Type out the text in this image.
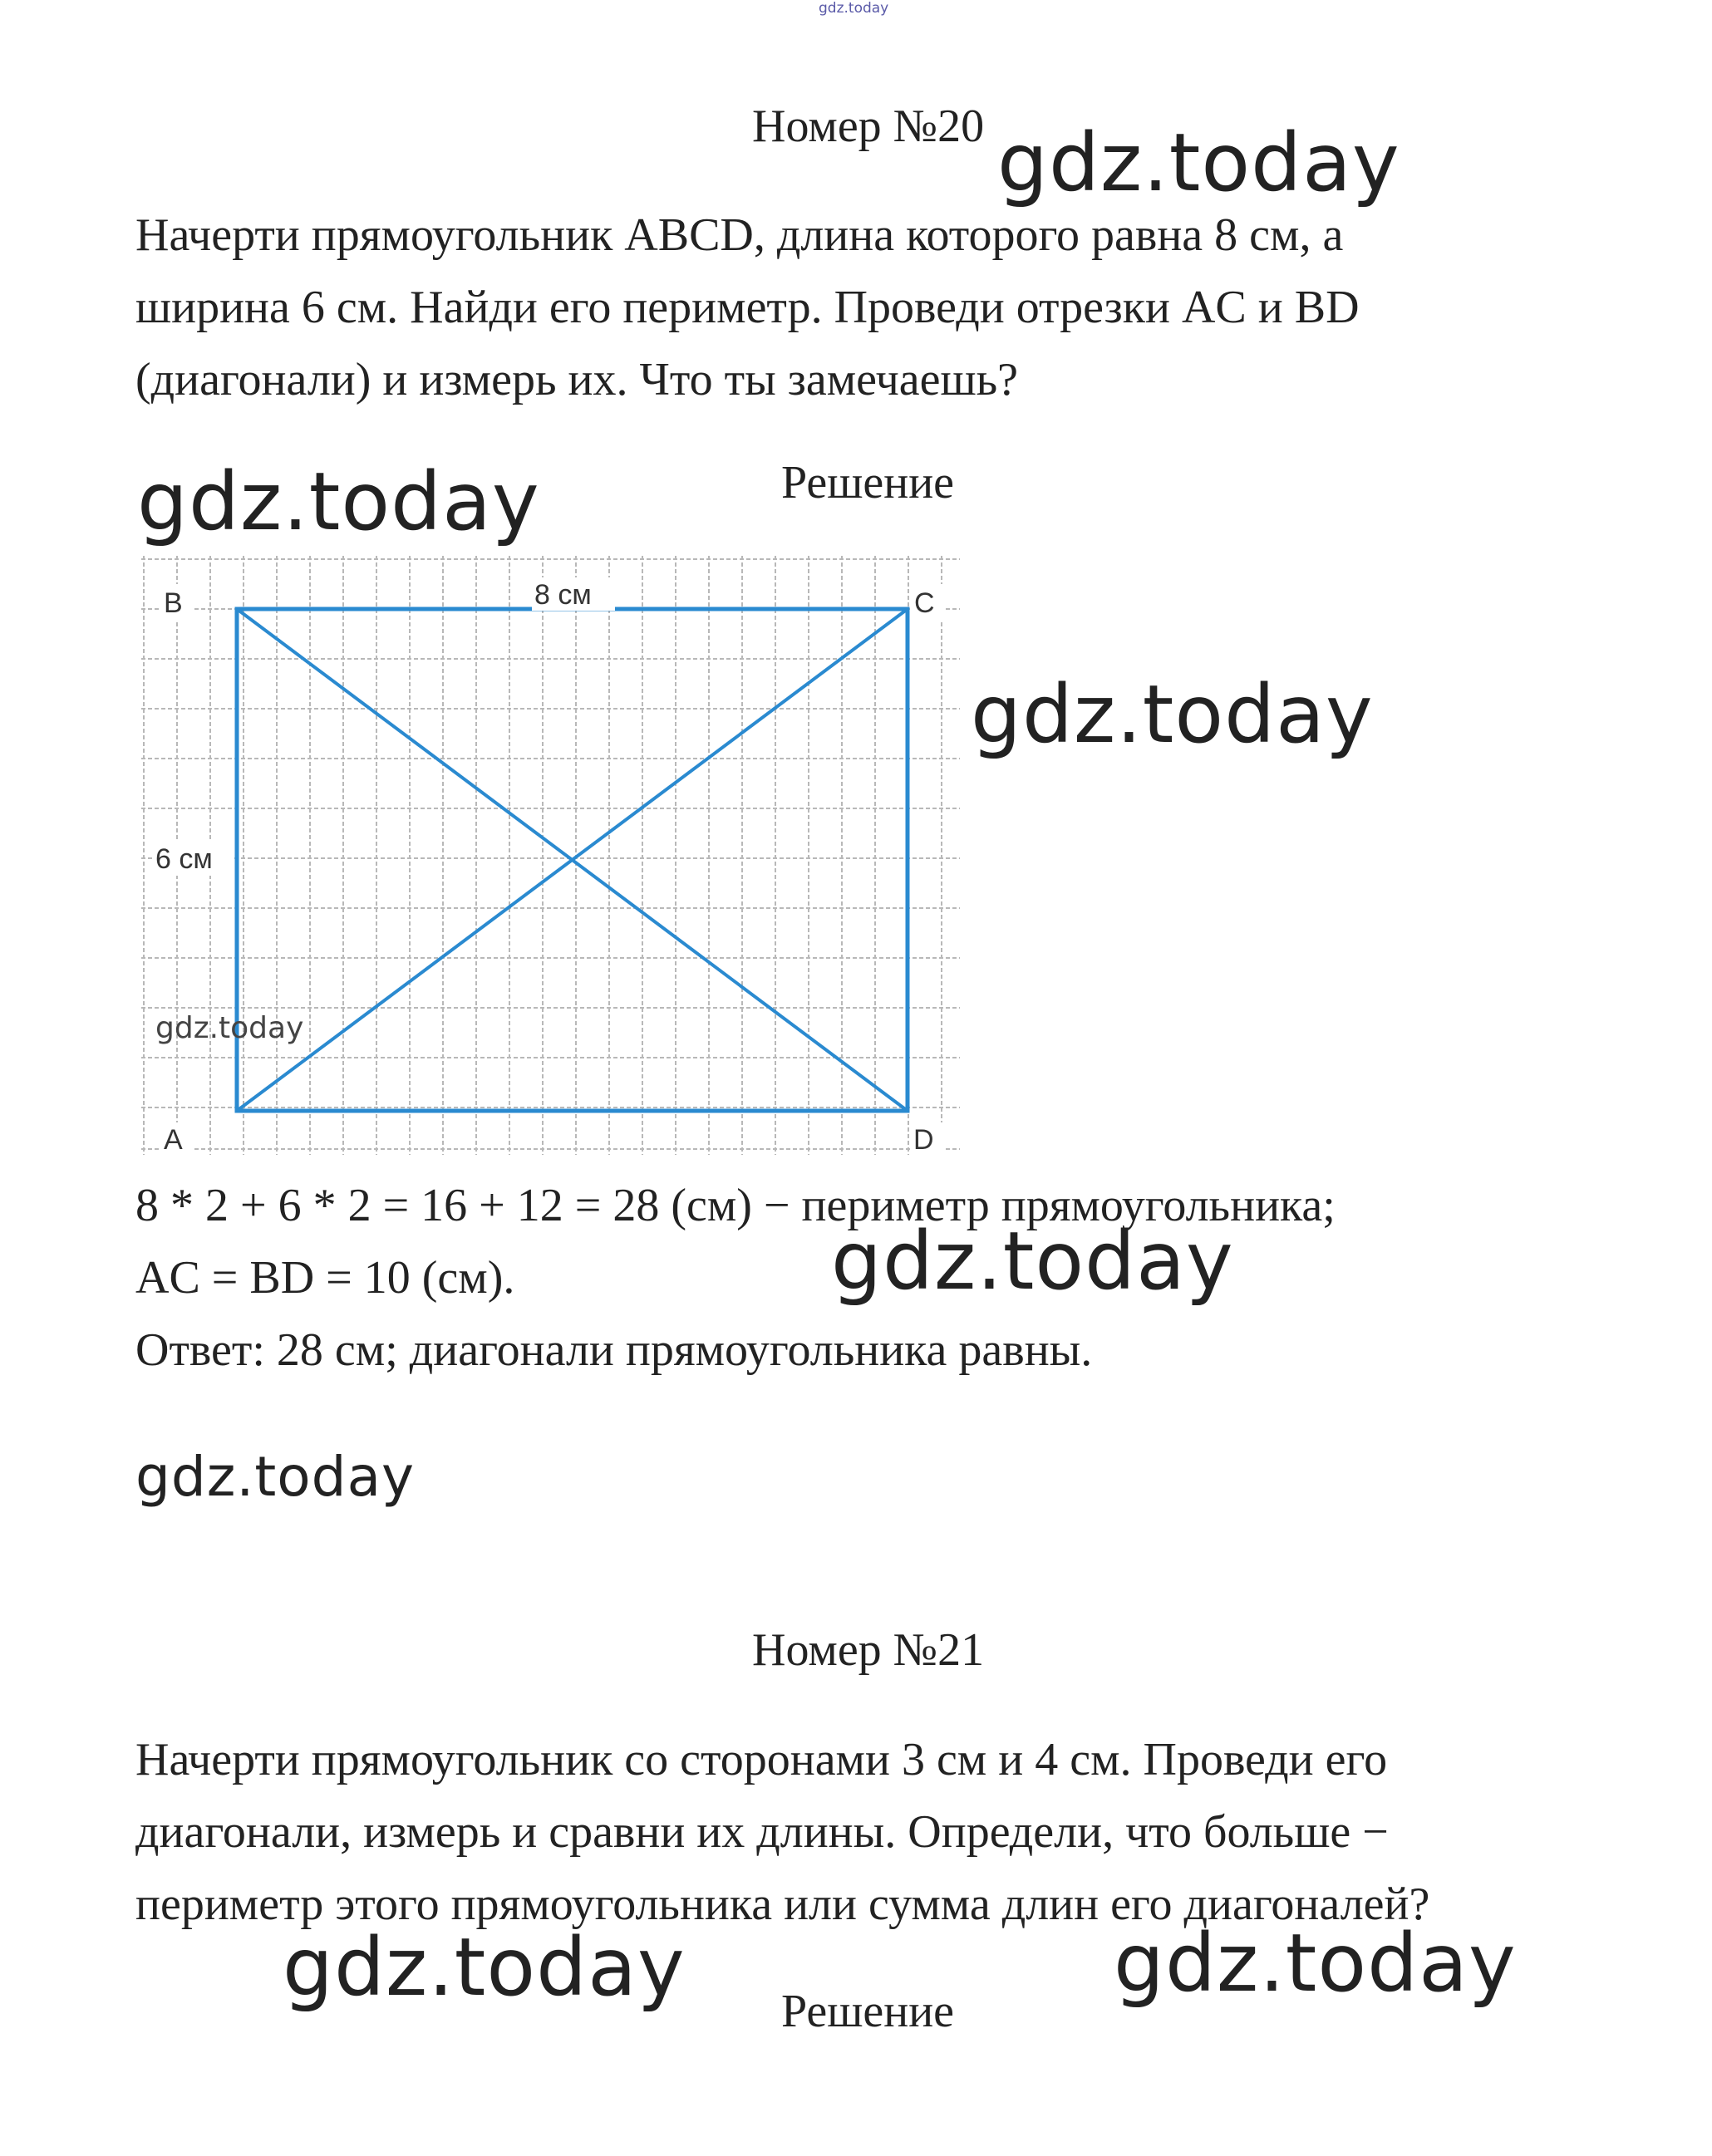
gdz.today
Номер №20 gdz.today
Начерти прямоугольник ABCD, длина которого равна 8 см, а
ширина 6 см. Найди его периметр. Проведи отрезки AC и BD
(диагонали) и измерь их. Что ты замечаешь?
gdz.today	Решение
B	C
A	D
8 см
6 см
gdz.today
gdz.today
8 * 2 + 6 * 2 = 16 + 12 = 28 (см) − периметр прямоугольника;
AC = BD = 10 (см).
Ответ: 28 см; диагонали прямоугольника равны.
gdz.today
gdz.today
Номер №21
Начерти прямоугольник со сторонами 3 см и 4 см. Проведи его
диагонали, измерь и сравни их длины. Определи, что больше −
периметр этого прямоугольника или сумма длин его диагоналей?
gdz.today	gdz.today
Решение
